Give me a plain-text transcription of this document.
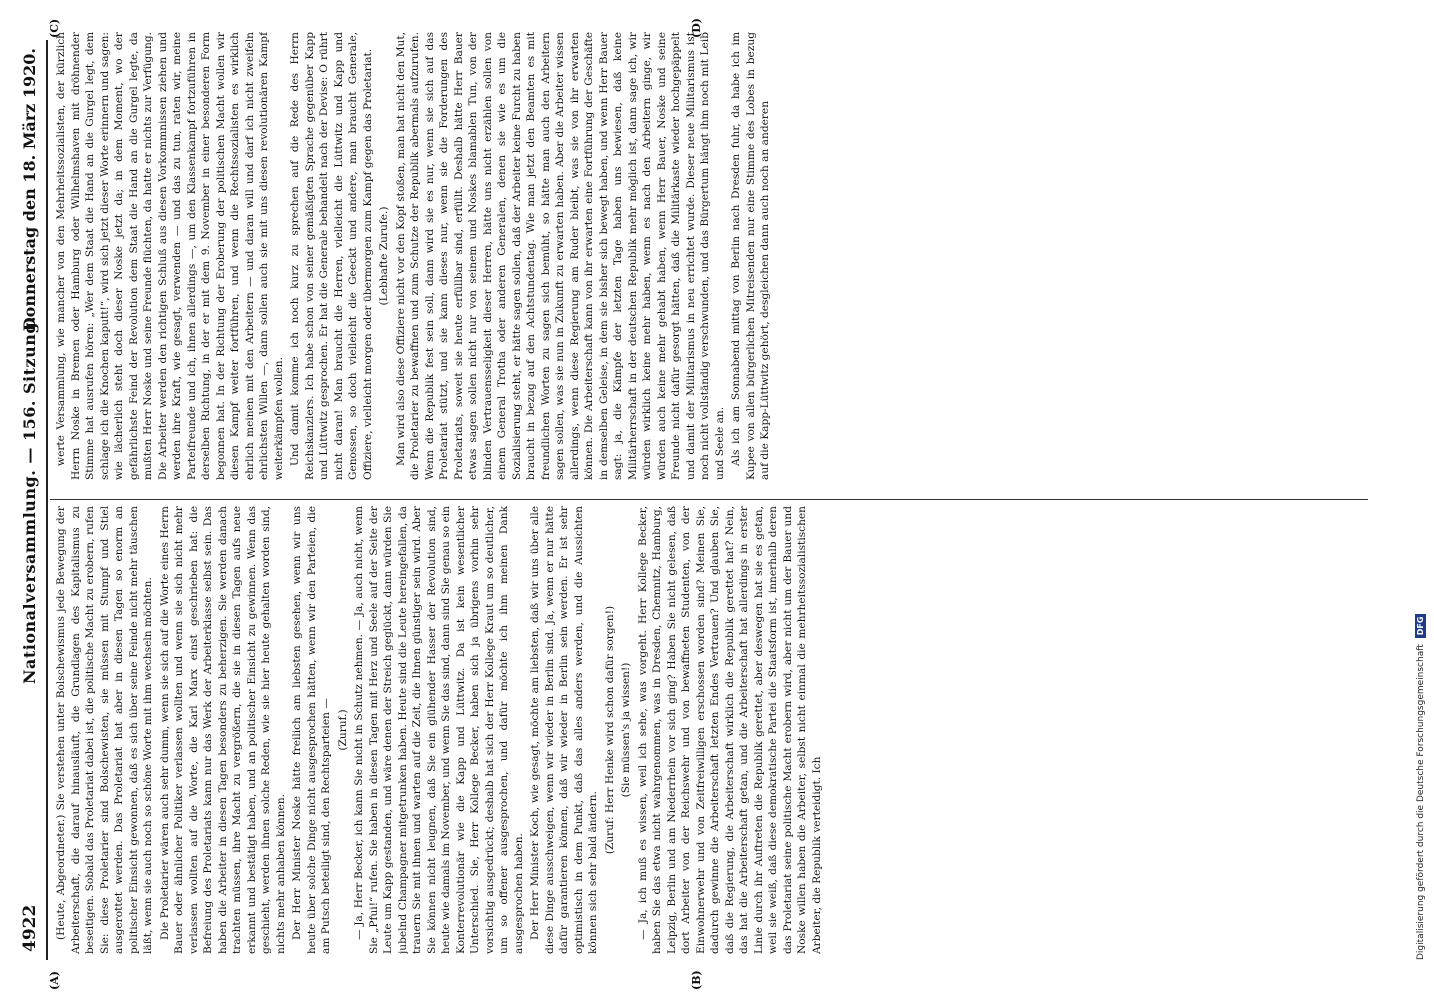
4922
Nationalversammlung. — 156. Sitzung.
Donnerstag den 18. März 1920.
(A)	(B)
(C)	(D)

(Heute, Abgeordneter.) Sie verstehen unter Bolschewismus jede Bewegung der Arbeiterschaft, die darauf hinausläuft, die Grundlagen des Kapitalismus zu beseitigen. Sobald das Proletariat dabei ist, die politische Macht zu erobern, rufen Sie: diese Proletarier sind Bolschewisten, sie müssen mit Stumpf und Stiel ausgerottet werden. Das Proletariat hat aber in diesen Tagen so enorm an politischer Einsicht gewonnen, daß es sich über seine Feinde nicht mehr täuschen läßt, wenn sie auch noch so schöne Worte mit ihm wechseln möchten. Die Proletarier wären auch sehr dumm, wenn sie sich auf die Worte eines Herrn Bauer oder ähnlicher Politiker verlassen wollten und wenn sie sich nicht mehr verlassen wollten auf die Worte, die Karl Marx einst geschrieben hat: die Befreiung des Proletariats kann nur das Werk der Arbeiterklasse selbst sein. Das haben die Arbeiter in diesen Tagen besonders zu beherzigen. Sie werden danach trachten müssen, ihre Macht zu vergrößern, die sie in diesen Tagen aufs neue erkannt und bestätigt haben, und an politischer Einsicht zu gewinnen. Wenn das geschieht, werden ihnen solche Reden, wie sie hier heute gehalten worden sind, nichts mehr anhaben können. Der Herr Minister Noske hätte freilich am liebsten gesehen, wenn wir uns heute über solche Dinge nicht ausgesprochen hätten, wenn wir den Parteien, die am Putsch beteiligt sind, den Rechtsparteien — (Zuruf.) — Ja, Herr Becker, ich kann Sie nicht in Schutz nehmen. — Ja, auch nicht, wenn Sie „Pfui!“ rufen. Sie haben in diesen Tagen mit Herz und Seele auf der Seite der Leute um Kapp gestanden, und wäre denen der Streich geglückt, dann würden Sie jubelnd Champagner mitgetrunken haben. Heute sind die Leute hereingefallen, da trauern Sie mit ihnen und warten auf die Zeit, die Ihnen günstiger sein wird. Aber Sie können nicht leugnen, daß Sie ein glühender Hasser der Revolution sind, heute wie damals im November, und wenn Sie das sind, dann sind Sie genau so ein Konterrevolutionär wie die Kapp und Lüttwitz. Da ist kein wesentlicher Unterschied. Sie, Herr Kollege Becker, haben sich ja übrigens vorhin sehr vorsichtig ausgedrückt; deshalb hat sich der Herr Kollege Kraut um so deutlicher, um so offener ausgesprochen, und dafür möchte ich ihm meinen Dank ausgesprochen haben. Der Herr Minister Koch, wie gesagt, möchte am liebsten, daß wir uns über alle diese Dinge ausschweigen, wenn wir wieder in Berlin sind. Ja, wenn er nur hätte dafür garantieren können, daß wir wieder in Berlin sein werden. Er ist sehr optimistisch in dem Punkt, daß das alles anders werden, und die Aussichten können sich sehr bald ändern.

(Zuruf: Herr Henke wird schon dafür sorgen!) (Sie müssen's ja wissen!) — Ja, ich muß es wissen, weil ich sehe, was vorgeht. Herr Kollege Becker, haben Sie das etwa nicht wahrgenommen, was in Dresden, Chemnitz, Hamburg, Leipzig, Berlin und am Niederrhein vor sich ging? Haben Sie nicht gelesen, daß dort Arbeiter von der Reichswehr und von bewaffneten Studenten, von der Einwohnerwehr und von Zeitfreiwilligen erschossen worden sind? Meinen Sie, dadurch gewinne die Arbeiterschaft letzten Endes Vertrauen? Und glauben Sie, daß die Regierung, die Arbeiterschaft wirklich die Republik gerettet hat? Nein, das hat die Arbeiterschaft getan, und die Arbeiterschaft hat allerdings in erster Linie durch ihr Auftreten die Republik gerettet, aber deswegen hat sie es getan, weil sie weiß, daß diese demokratische Partei die Staatsform ist, innerhalb deren das Proletariat seine politische Macht erobern wird, aber nicht um der Bauer und Noske willen haben die Arbeiter, selbst nicht einmal die mehrheitssozialistischen Arbeiter, die Republik verteidigt. Ich

werte Versammlung, wie mancher von den Mehrheitssozialisten, der kürzlich Herrn Noske in Bremen oder Hamburg oder Wilhelmshaven mit dröhnender Stimme hat ausrufen hören: „Wer dem Staat die Hand an die Gurgel legt, dem schlage ich die Knochen kaputt!“, wird sich jetzt dieser Worte erinnern und sagen: wie lächerlich steht doch dieser Noske jetzt da; in dem Moment, wo der gefährlichste Feind der Revolution dem Staat die Hand an die Gurgel legte, da mußten Herr Noske und seine Freunde flüchten, da hatte er nichts zur Verfügung. Die Arbeiter werden den richtigen Schluß aus diesen Vorkommnissen ziehen und werden ihre Kraft, wie gesagt, verwenden — und das zu tun, raten wir, meine Parteifreunde und ich, ihnen allerdings —, um den Klassenkampf fortzuführen in derselben Richtung, in der er mit dem 9. November in einer besonderen Form begonnen hat. In der Richtung der Eroberung der politischen Macht wollen wir diesen Kampf weiter fortführen, und wenn die Rechtssozialisten es wirklich ehrlich meinen mit den Arbeitern — und daran will und darf ich nicht zweifeln ehrlichsten Willen —, dann sollen auch sie mit uns diesen revolutionären Kampf weiterkämpfen wollen. Und damit komme ich noch kurz zu sprechen auf die Rede des Herrn Reichskanzlers. Ich habe schon von seiner gemäßigten Sprache gegenüber Kapp und Lüttwitz gesprochen. Er hat die Generale behandelt nach der Devise: O rührt nicht daran! Man braucht die Herren, vielleicht die Lüttwitz und Kapp und Genossen, so doch vielleicht die Geeckt und andere, man braucht Generale, Offiziere, vielleicht morgen oder übermorgen zum Kampf gegen das Proletariat. (Lebhafte Zurufe.) Man wird also diese Offiziere nicht vor den Kopf stoßen, man hat nicht den Mut, die Proletarier zu bewaffnen und zum Schutze der Republik abermals aufzurufen. Wenn die Republik fest sein soll, dann wird sie es nur, wenn sie sich auf das Proletariat stützt, und sie kann dieses nur, wenn sie die Forderungen des Proletariats, soweit sie heute erfüllbar sind, erfüllt. Deshalb hätte Herr Bauer etwas sagen sollen nicht nur von seinem und Noskes blamablen Tun, von der blinden Vertrauensseligkeit dieser Herren, hätte uns nicht erzählen sollen von einem General Trotha oder anderen Generalen, denen sie wie es um die Sozialisierung steht, er hätte sagen sollen, daß der Arbeiter keine Furcht zu haben braucht in bezug auf den Achtstundentag. Wie man jetzt den Beamten es mit freundlichen Worten zu sagen sich bemüht, so hätte man auch den Arbeitern sagen sollen, was sie nun in Zukunft zu erwarten haben. Aber die Arbeiter wissen allerdings, wenn diese Regierung am Ruder bleibt, was sie von ihr erwarten können. Die Arbeiterschaft kann von ihr erwarten eine Fortführung der Geschäfte in demselben Geleise, in dem sie bisher sich bewegt haben, und wenn Herr Bauer sagt: ja, die Kämpfe der letzten Tage haben uns bewiesen, daß keine Militärherrschaft in der deutschen Republik mehr möglich ist, dann sage ich, wir würden wirklich keine mehr haben, wenn es nach den Arbeitern ginge, wir würden auch keine mehr gehabt haben, wenn Herr Bauer, Noske und seine Freunde nicht dafür gesorgt hätten, daß die Militärkaste wieder hochgepäppelt und damit der Militarismus in neu errichtet wurde. Dieser neue Militarismus ist noch nicht vollständig verschwunden, und das Bürgertum hängt ihm noch mit Leib und Seele an. Als ich am Sonnabend mittag von Berlin nach Dresden fuhr, da habe ich im Kupee von allen bürgerlichen Mitreisenden nur eine Stimme des Lobes in bezug auf die Kapp-Lüttwitz gehört, desgleichen dann auch noch an anderen

Digitalisierung gefördert durch die Deutsche Forschungsgemeinschaft
DFG
